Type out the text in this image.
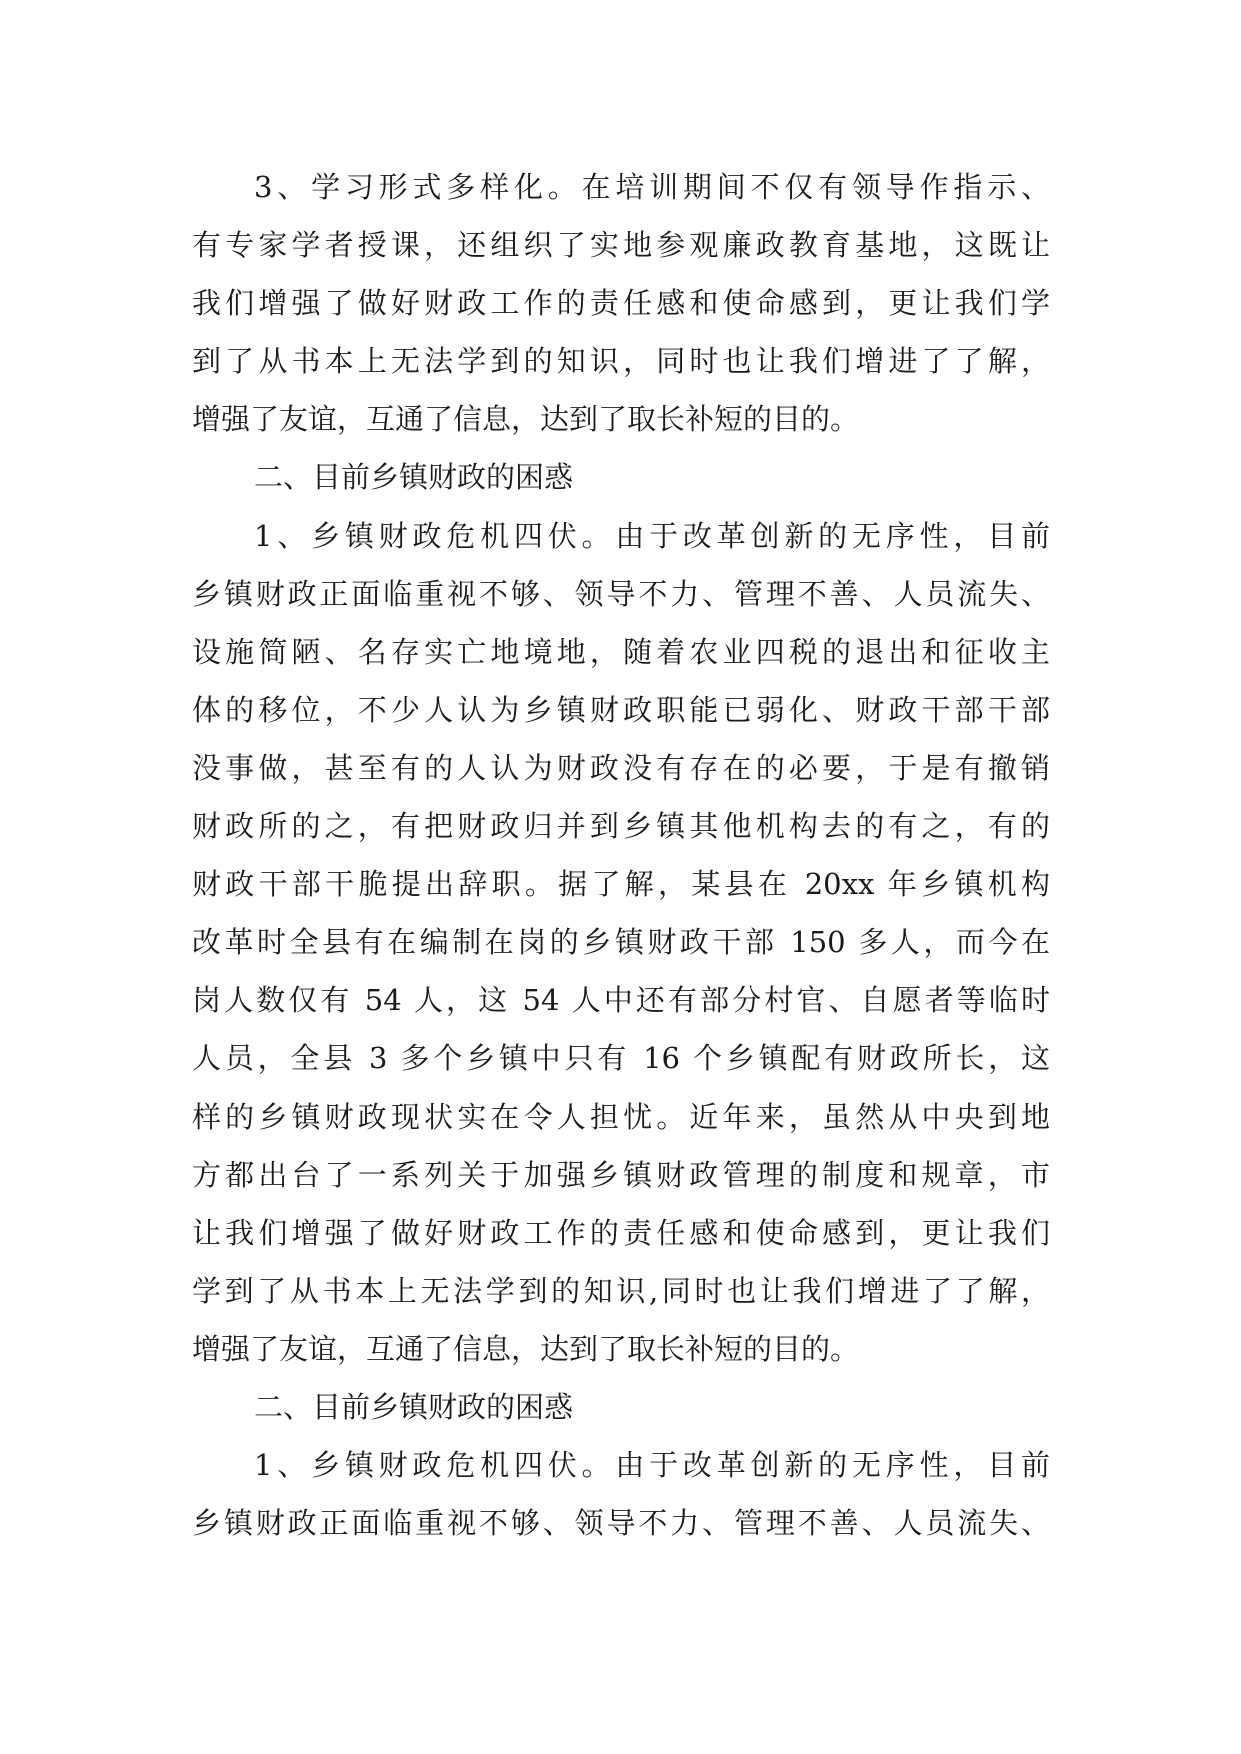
3、学习形式多样化。在培训期间不仅有领导作指示、
有专家学者授课，还组织了实地参观廉政教育基地，这既让
我们增强了做好财政工作的责任感和使命感到，更让我们学
到了从书本上无法学到的知识，同时也让我们增进了了解，
增强了友谊，互通了信息，达到了取长补短的目的。
二、目前乡镇财政的困惑
1、乡镇财政危机四伏。由于改革创新的无序性，目前
乡镇财政正面临重视不够、领导不力、管理不善、人员流失、
设施简陋、名存实亡地境地，随着农业四税的退出和征收主
体的移位，不少人认为乡镇财政职能已弱化、财政干部干部
没事做，甚至有的人认为财政没有存在的必要，于是有撤销
财政所的之，有把财政归并到乡镇其他机构去的有之，有的
财政干部干脆提出辞职。据了解，某县在 20xx 年乡镇机构
改革时全县有在编制在岗的乡镇财政干部 150 多人，而今在
岗人数仅有 54 人，这 54 人中还有部分村官、自愿者等临时
人员，全县 3 多个乡镇中只有 16 个乡镇配有财政所长，这
样的乡镇财政现状实在令人担忧。近年来，虽然从中央到地
方都出台了一系列关于加强乡镇财政管理的制度和规章，市
让我们增强了做好财政工作的责任感和使命感到，更让我们
学到了从书本上无法学到的知识,同时也让我们增进了了解，
增强了友谊，互通了信息，达到了取长补短的目的。
二、目前乡镇财政的困惑
1、乡镇财政危机四伏。由于改革创新的无序性，目前
乡镇财政正面临重视不够、领导不力、管理不善、人员流失、
